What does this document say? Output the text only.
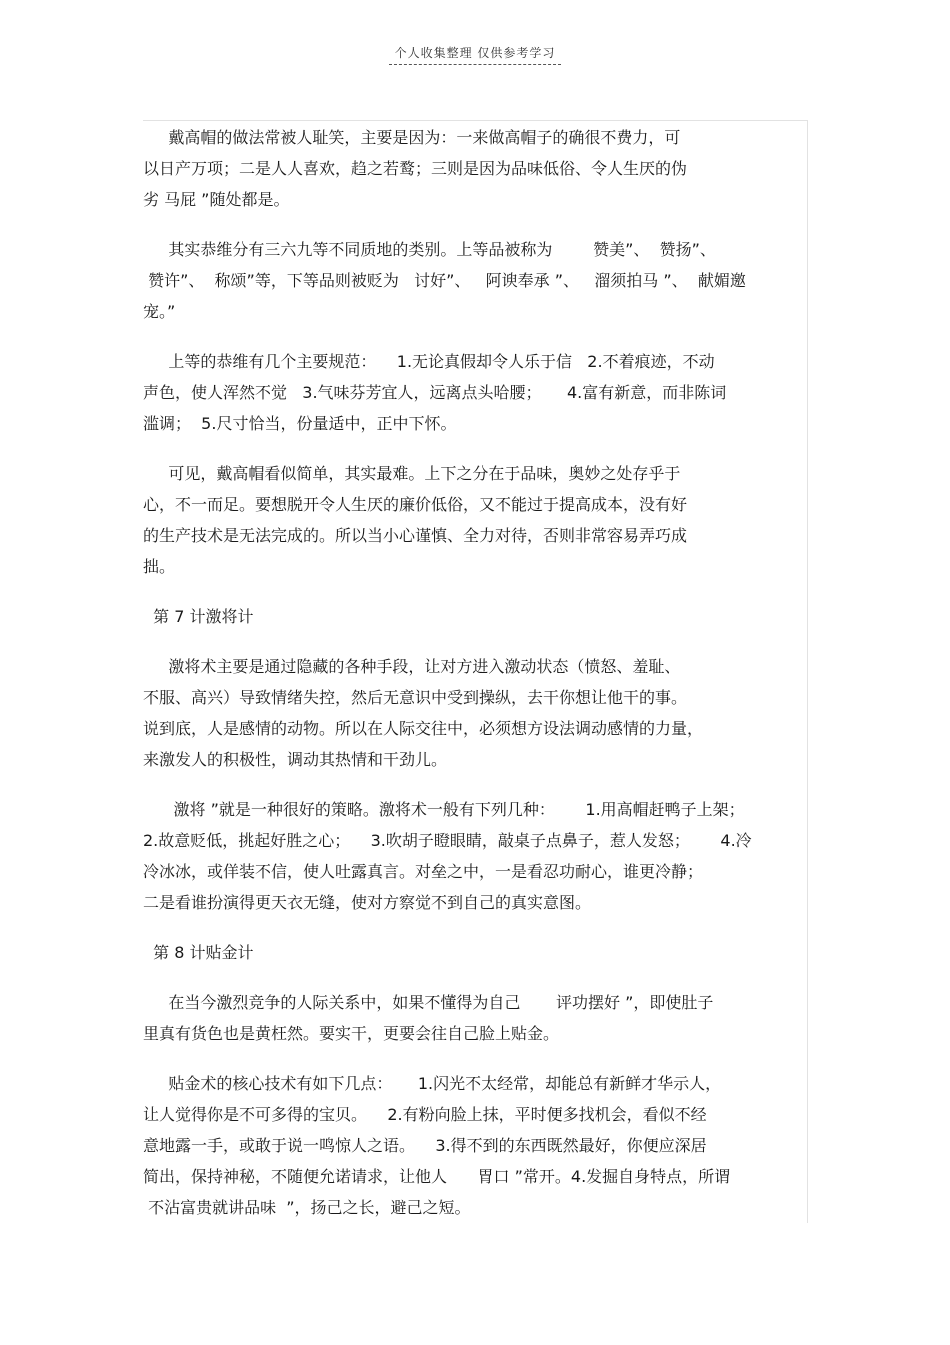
个人收集整理 仅供参考学习

戴高帽的做法常被人耻笑，主要是因为：一来做高帽子的确很不费力，可
以日产万项；二是人人喜欢，趋之若鹜；三则是因为品味低俗、令人生厌的伪
劣 马屁 ”随处都是。

其实恭维分有三六九等不同质地的类别。上等品被称为        赞美”、  赞扬”、
赞许”、  称颂”等，下等品则被贬为   讨好”、   阿谀奉承 ”、   溜须拍马 ”、  献媚邀
宠。”

上等的恭维有几个主要规范：    1.无论真假却令人乐于信   2.不着痕迹，不动
声色，使人浑然不觉   3.气味芬芳宜人，远离点头哈腰；     4.富有新意，而非陈词
滥调；  5.尺寸恰当，份量适中，正中下怀。

可见，戴高帽看似简单，其实最难。上下之分在于品味，奥妙之处存乎于
心，不一而足。要想脱开令人生厌的廉价低俗，又不能过于提高成本，没有好
的生产技术是无法完成的。所以当小心谨慎、全力对待，否则非常容易弄巧成
拙。

第 7 计激将计

激将术主要是通过隐藏的各种手段，让对方进入激动状态（愤怒、羞耻、
不服、高兴）导致情绪失控，然后无意识中受到操纵，去干你想让他干的事。
说到底，人是感情的动物。所以在人际交往中，必须想方设法调动感情的力量，
来激发人的积极性，调动其热情和干劲儿。

激将 ”就是一种很好的策略。激将术一般有下列几种：      1.用高帽赶鸭子上架；
2.故意贬低，挑起好胜之心；    3.吹胡子瞪眼睛，敲桌子点鼻子，惹人发怒；      4.冷
冷冰冰，或佯装不信，使人吐露真言。对垒之中，一是看忍功耐心，谁更冷静；
二是看谁扮演得更天衣无缝，使对方察觉不到自己的真实意图。

第 8 计贴金计

在当今激烈竞争的人际关系中，如果不懂得为自己       评功摆好 ”，即使肚子
里真有货色也是黄枉然。要实干，更要会往自己脸上贴金。

贴金术的核心技术有如下几点：     1.闪光不太经常，却能总有新鲜才华示人，
让人觉得你是不可多得的宝贝。    2.有粉向脸上抹，平时便多找机会，看似不经
意地露一手，或敢于说一鸣惊人之语。    3.得不到的东西既然最好，你便应深居
简出，保持神秘，不随便允诺请求，让他人      胃口 ”常开。4.发掘自身特点，所谓
不沾富贵就讲品味  ”，扬己之长，避己之短。
